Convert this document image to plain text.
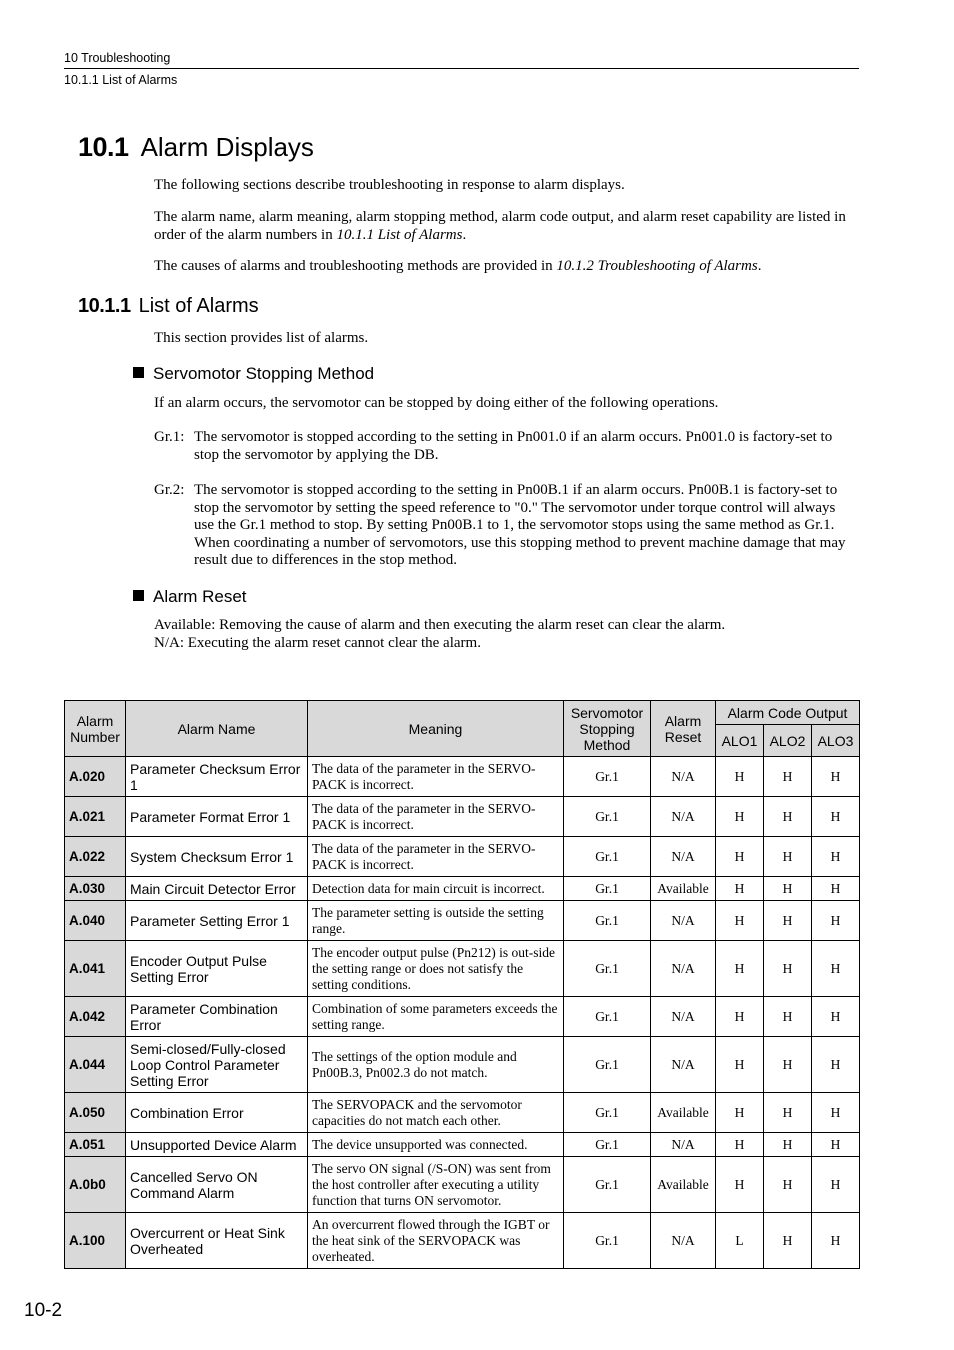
10 Troubleshooting
10.1.1 List of Alarms
10.1 Alarm Displays
The following sections describe troubleshooting in response to alarm displays.
The alarm name, alarm meaning, alarm stopping method, alarm code output, and alarm reset capability are listed in order of the alarm numbers in 10.1.1 List of Alarms.
The causes of alarms and troubleshooting methods are provided in 10.1.2 Troubleshooting of Alarms.
10.1.1 List of Alarms
This section provides list of alarms.
Servomotor Stopping Method
If an alarm occurs, the servomotor can be stopped by doing either of the following operations.
Gr.1: The servomotor is stopped according to the setting in Pn001.0 if an alarm occurs. Pn001.0 is factory-set to stop the servomotor by applying the DB.
Gr.2: The servomotor is stopped according to the setting in Pn00B.1 if an alarm occurs. Pn00B.1 is factory-set to stop the servomotor by setting the speed reference to "0." The servomotor under torque control will always use the Gr.1 method to stop. By setting Pn00B.1 to 1, the servomotor stops using the same method as Gr.1. When coordinating a number of servomotors, use this stopping method to prevent machine damage that may result due to differences in the stop method.
Alarm Reset
Available: Removing the cause of alarm and then executing the alarm reset can clear the alarm.
N/A: Executing the alarm reset cannot clear the alarm.
Alarm Number	Alarm Name	Meaning	Servomotor Stopping Method	Alarm Reset	Alarm Code Output		
					ALO1	ALO2	ALO3
A.020	Parameter Checksum Error 1	The data of the parameter in the SERVO-PACK is incorrect.	Gr.1	N/A	H	H	H
A.021	Parameter Format Error 1	The data of the parameter in the SERVO-PACK is incorrect.	Gr.1	N/A	H	H	H
A.022	System Checksum Error 1	The data of the parameter in the SERVO-PACK is incorrect.	Gr.1	N/A	H	H	H
A.030	Main Circuit Detector Error	Detection data for main circuit is incorrect.	Gr.1	Available	H	H	H
A.040	Parameter Setting Error 1	The parameter setting is outside the setting range.	Gr.1	N/A	H	H	H
A.041	Encoder Output Pulse Setting Error	The encoder output pulse (Pn212) is out-side the setting range or does not satisfy the setting conditions.	Gr.1	N/A	H	H	H
A.042	Parameter Combination Error	Combination of some parameters exceeds the setting range.	Gr.1	N/A	H	H	H
A.044	Semi-closed/Fully-closed Loop Control Parameter Setting Error	The settings of the option module and Pn00B.3, Pn002.3 do not match.	Gr.1	N/A	H	H	H
A.050	Combination Error	The SERVOPACK and the servomotor capacities do not match each other.	Gr.1	Available	H	H	H
A.051	Unsupported Device Alarm	The device unsupported was connected.	Gr.1	N/A	H	H	H
A.0b0	Cancelled Servo ON Command Alarm	The servo ON signal (/S-ON) was sent from the host controller after executing a utility function that turns ON servomotor.	Gr.1	Available	H	H	H
A.100	Overcurrent or Heat Sink Overheated	An overcurrent flowed through the IGBT or the heat sink of the SERVOPACK was overheated.	Gr.1	N/A	L	H	H
10-2
